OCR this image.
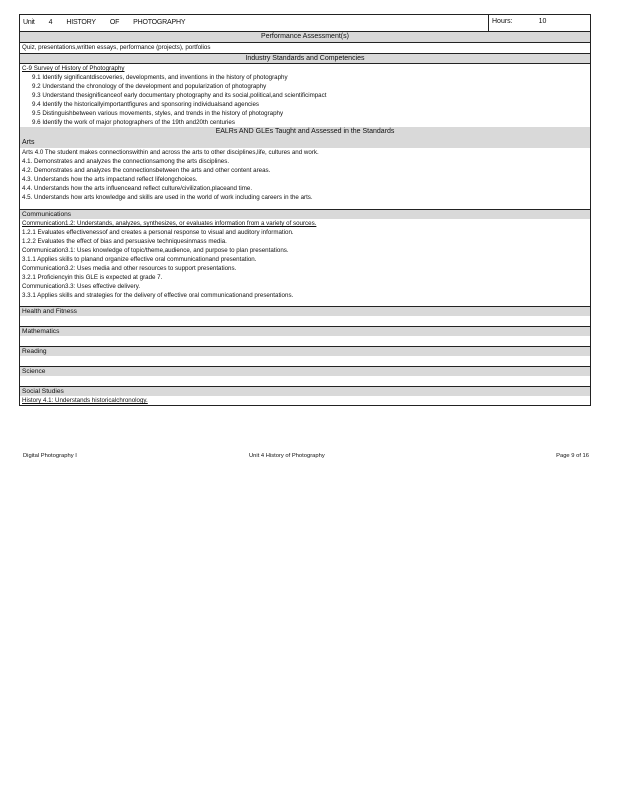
Unit 4 HISTORY OF PHOTOGRAPHY	Hours:	10
Performance Assessment(s)
Quiz, presentations,written essays, performance (projects), portfolios
Industry Standards and Competencies
C-9 Survey of History of Photography
9.1 Identify significantdiscoveries, developments, and inventions in the history of photography
9.2 Understand the chronology of the development and popularization of photography
9.3 Understand thesignificanceof early documentary photography and its social,political,and scientificimpact
9.4 Identify the historicallyimportantfigures and sponsoring individualsand agencies
9.5 Distinguishbetween various movements, styles, and trends in the history of photography
9.6 Identify the work of major photographers of the 19th and20th centuries
EALRs AND GLEs Taught and Assessed in the Standards
Arts
Arts 4.0 The student makes connectionswithin and across the arts to other disciplines,life, cultures and work.
4.1. Demonstrates and analyzes the connectionsamong the arts disciplines.
4.2. Demonstrates and analyzes the connectionsbetween the arts and other content areas.
4.3. Understands how the arts impactand reflect lifelongchoices.
4.4. Understands how the arts influenceand reflect culture/civilization,placeand time.
4.5. Understands how arts knowledge and skills are used in the world of work including careers in the arts.
Communications
Communication1.2: Understands, analyzes, synthesizes, or evaluates information from a variety of sources.
1.2.1 Evaluates effectivenessof and creates a personal response to visual and auditory information.
1.2.2 Evaluates the effect of bias and persuasive techniquesinmass media.
Communication3.1: Uses knowledge of topic/theme,audience, and purpose to plan presentations.
3.1.1 Applies skills to planand organize effective oral communicationand presentation.
Communication3.2: Uses media and other resources to support presentations.
3.2.1 Proficiencyin this GLE is expected at grade 7.
Communication3.3: Uses effective delivery.
3.3.1 Applies skills and strategies for the delivery of effective oral communicationand presentations.
Health and Fitness
Mathematics
Reading
Science
Social Studies
History 4.1: Understands historicalchronology.
Digital Photography I	Unit 4 History of Photography	Page 9 of 16
